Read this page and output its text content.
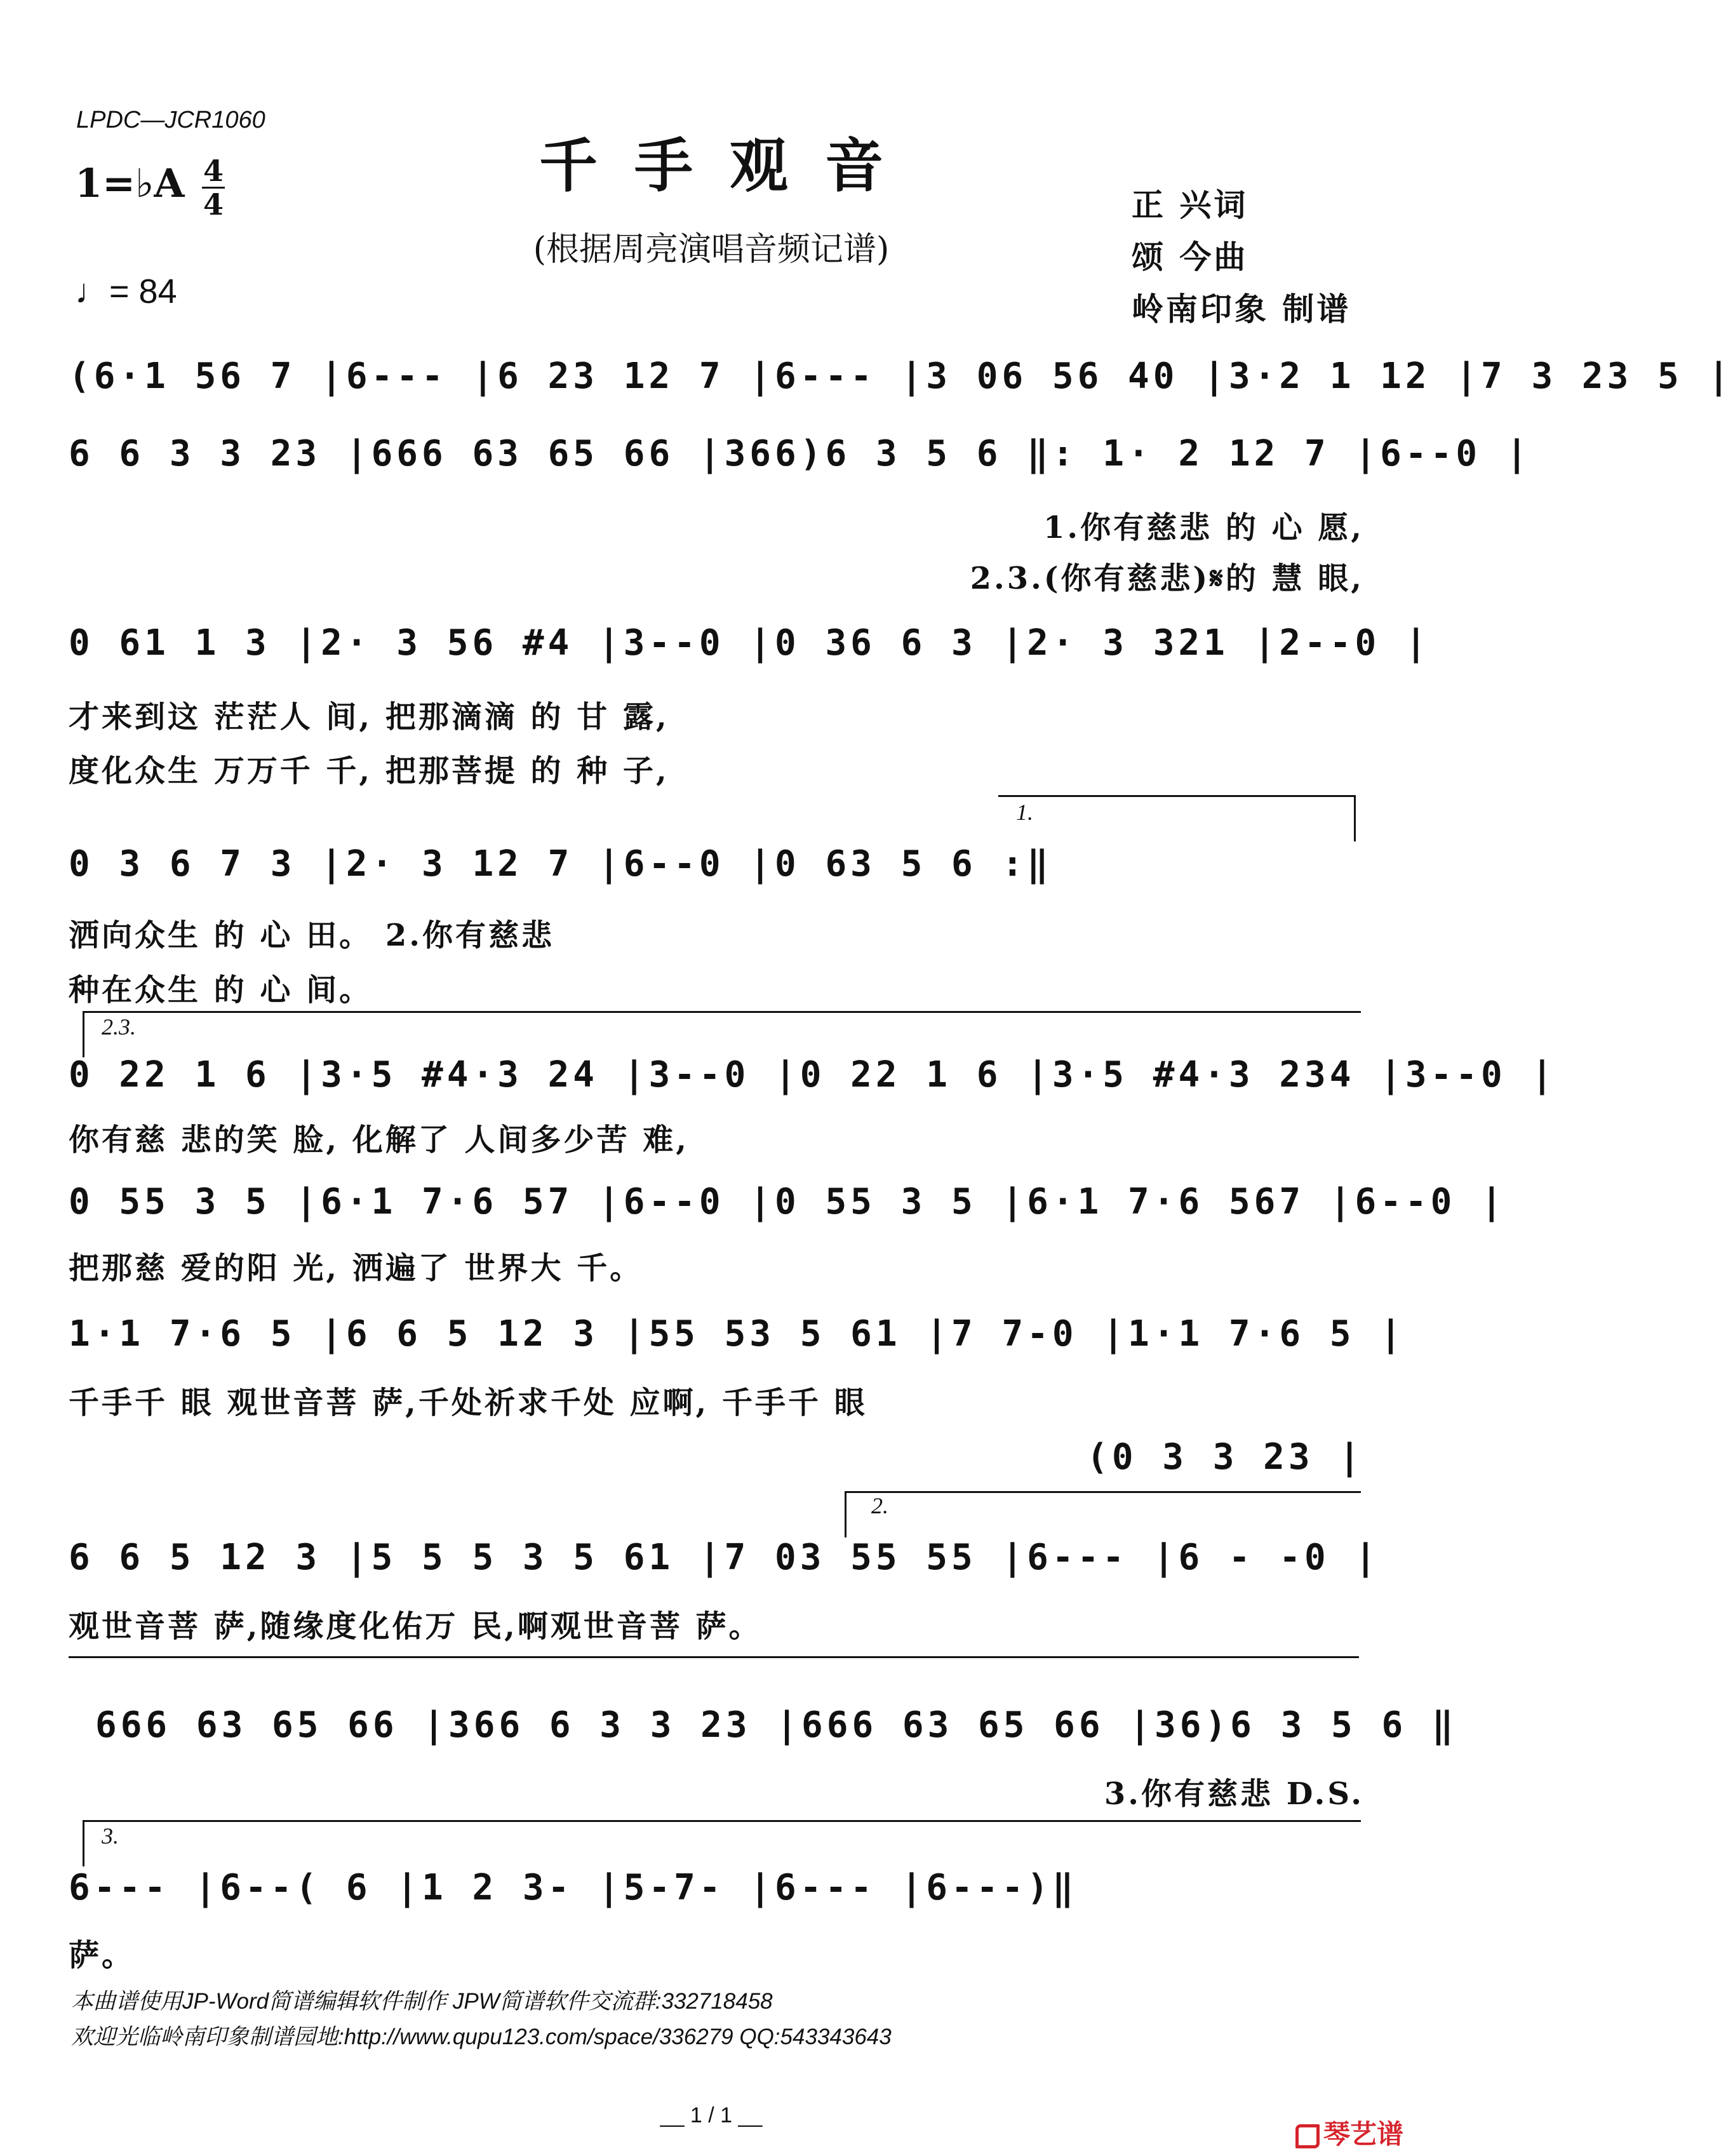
LPDC—JCR1060
千手观音
(根据周亮演唱音频记谱)
1=♭A 4
4
♩= 84
正 兴词
颂 今曲
岭南印象 制谱
(6·1 56 7 |6--- |6 23 12 7 |6--- |3 06 56 40 |3·2 1 12 |7 3 23 5 |
6 6 3 3 23 |666 63 65 66 |366)6 3 5 6 ‖: 1· 2 12 7 |6--0 |
1.你有慈悲 的 心 愿,
2.3.(你有慈悲)𝄋的 慧 眼,
0 61 1 3 |2· 3 56 #4 |3--0 |0 36 6 3 |2· 3 321 |2--0 |
才来到这 茫茫人 间, 把那滴滴 的 甘 露,
度化众生 万万千 千, 把那菩提 的 种 子,
1.
0 3 6 7 3 |2· 3 12 7 |6--0 |0 63 5 6 :‖
洒向众生 的 心 田。 2.你有慈悲
种在众生 的 心 间。
2.3.
0 22 1 6 |3·5 #4·3 24 |3--0 |0 22 1 6 |3·5 #4·3 234 |3--0 |
你有慈 悲的笑 脸, 化解了 人间多少苦 难,
0 55 3 5 |6·1 7·6 57 |6--0 |0 55 3 5 |6·1 7·6 567 |6--0 |
把那慈 爱的阳 光, 洒遍了 世界大 千。
1·1 7·6 5 |6 6 5 12 3 |55 53 5 61 |7 7-0 |1·1 7·6 5 |
千手千 眼 观世音菩 萨,千处祈求千处 应啊, 千手千 眼
(0 3 3 23 |
2.
6 6 5 12 3 |5 5 5 3 5 61 |7 03 55 55 |6--- |6 - -0 |
观世音菩 萨,随缘度化佑万 民,啊观世音菩 萨。
666 63 65 66 |366 6 3 3 23 |666 63 65 66 |36)6 3 5 6 ‖
3.你有慈悲 D.S.
3.
6--- |6--( 6 |1 2 3- |5-7- |6--- |6---)‖
萨。
本曲谱使用JP-Word简谱编辑软件制作 JPW简谱软件交流群:332718458
欢迎光临岭南印象制谱园地:http://www.qupu123.com/space/336279 QQ:543343643
__ 1 / 1 __
琴艺谱
